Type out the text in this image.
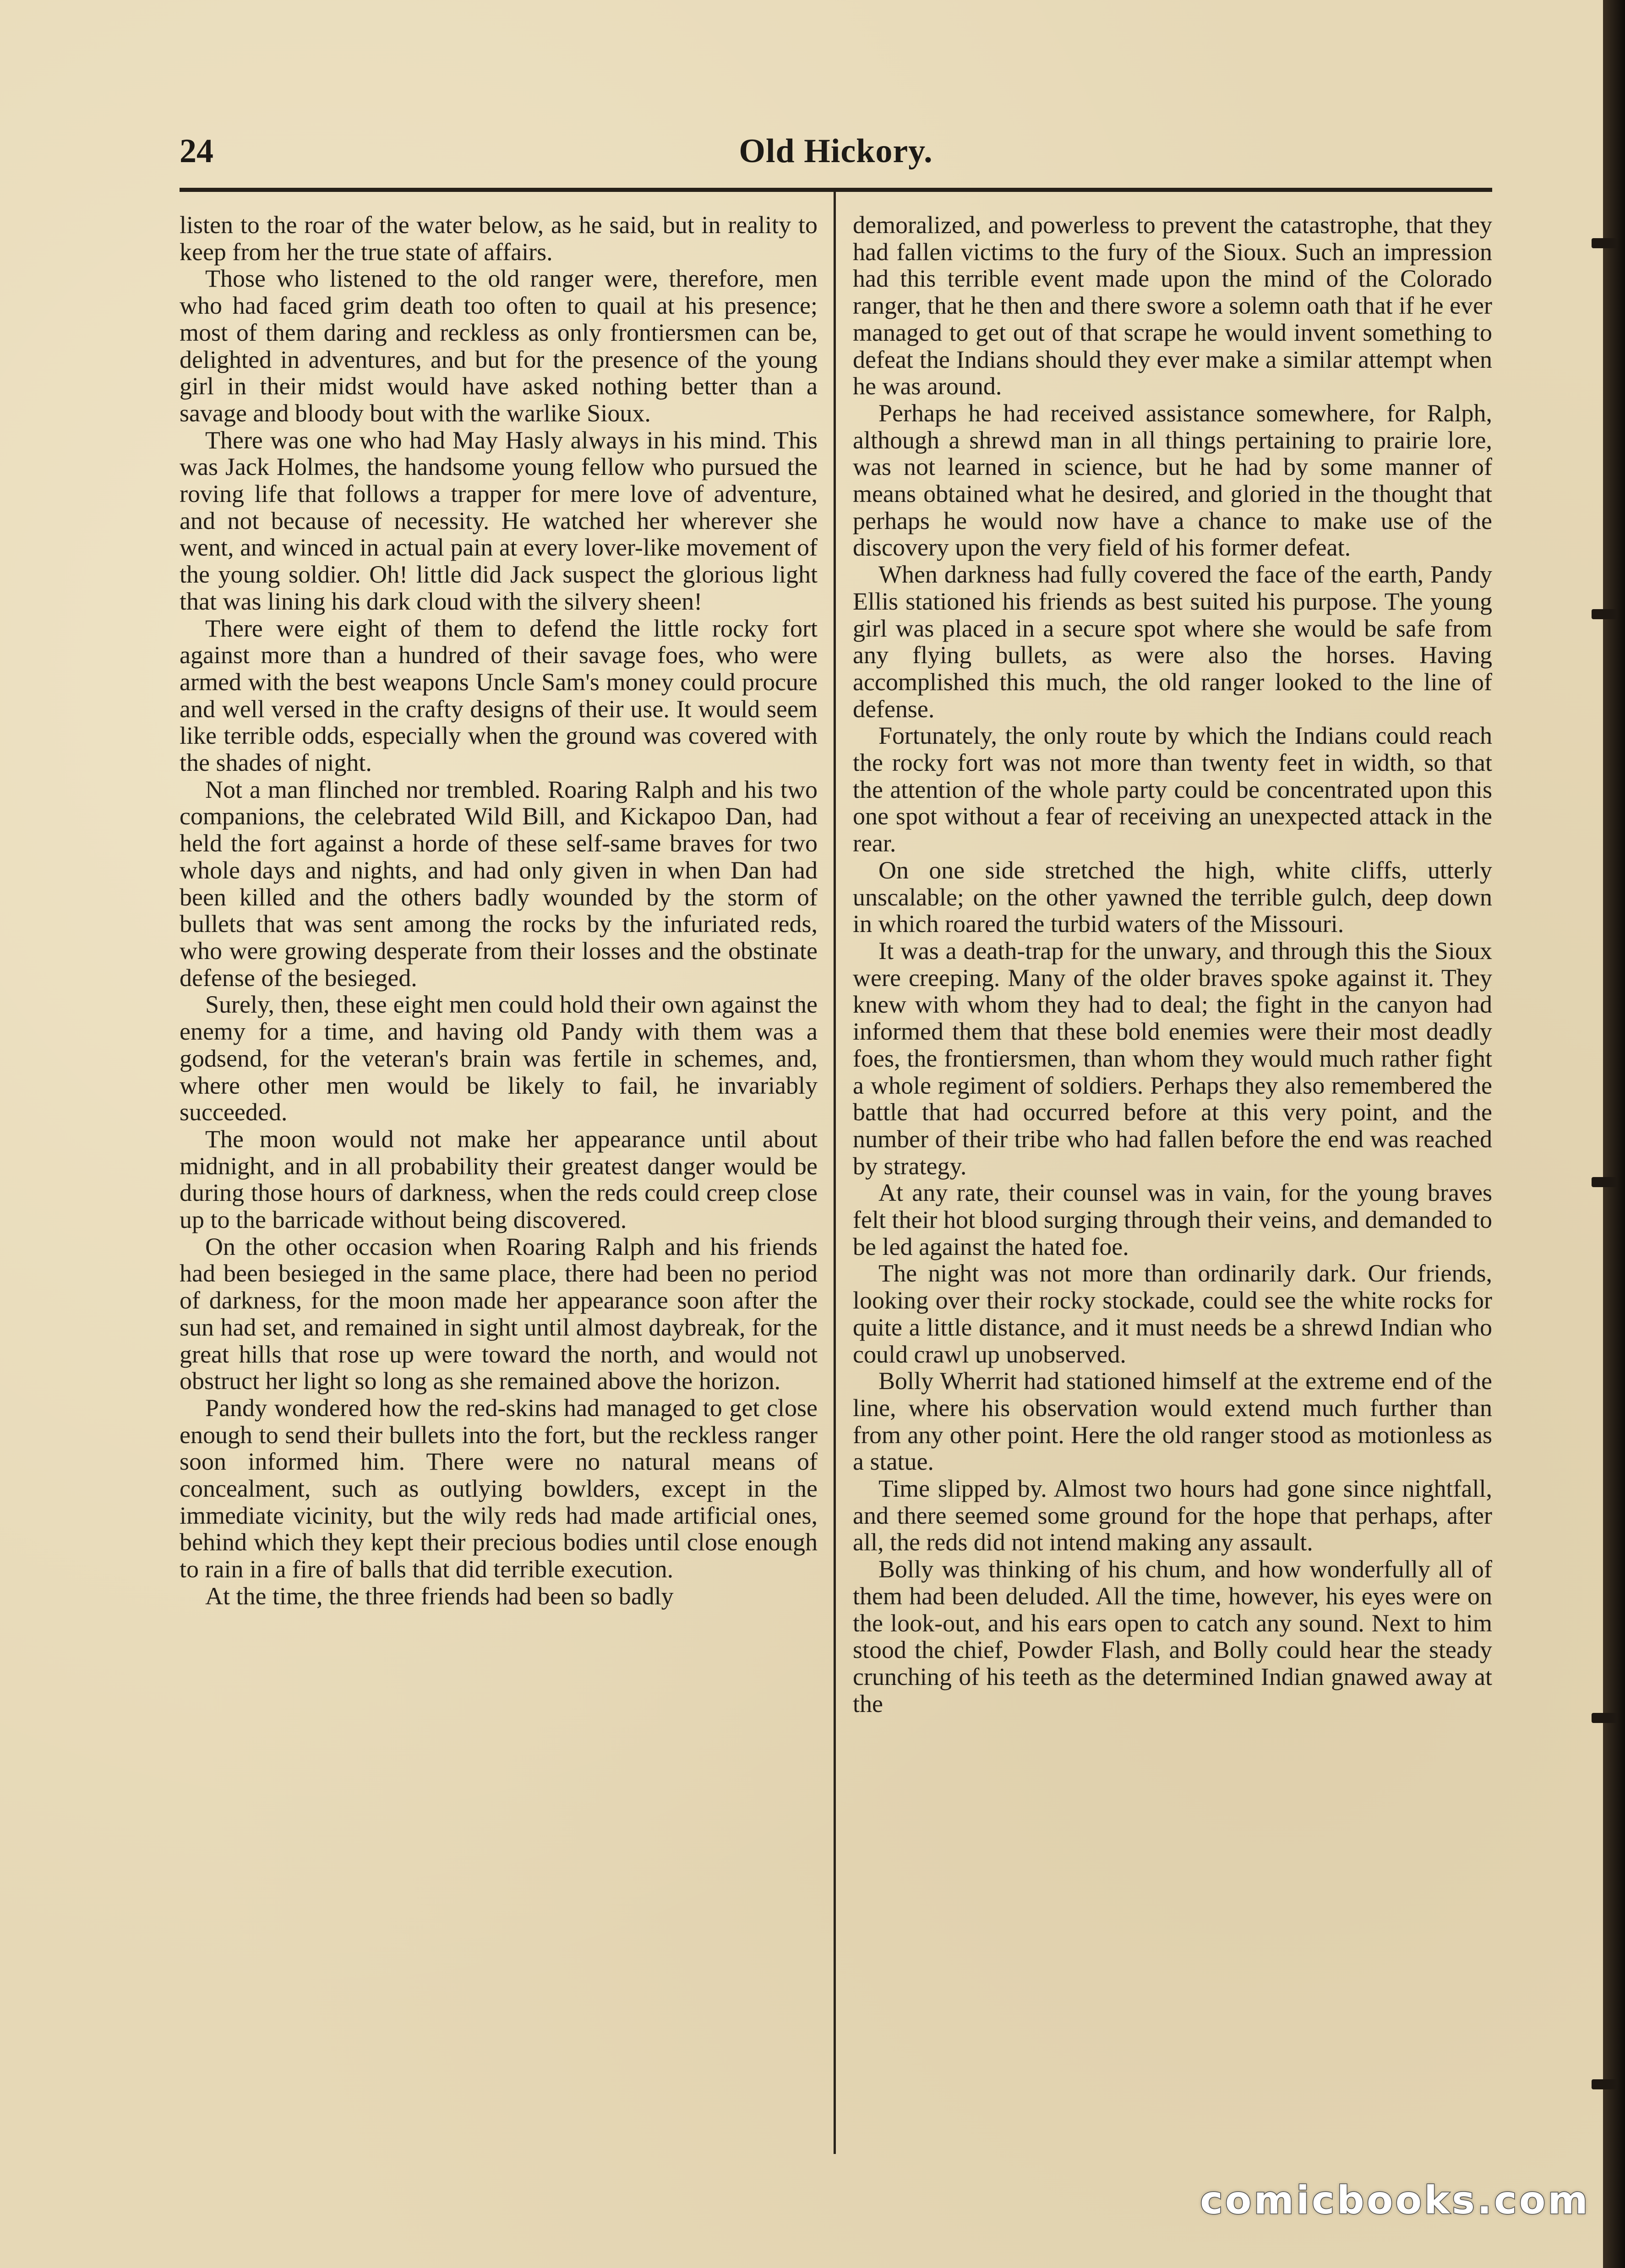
24	Old Hickory.

listen to the roar of the water below, as he said, but in reality to keep from her the true state of affairs.

Those who listened to the old ranger were, therefore, men who had faced grim death too often to quail at his presence; most of them daring and reckless as only frontiersmen can be, delighted in adventures, and but for the presence of the young girl in their midst would have asked nothing better than a savage and bloody bout with the warlike Sioux.

There was one who had May Hasly always in his mind. This was Jack Holmes, the handsome young fellow who pursued the roving life that follows a trapper for mere love of adventure, and not because of necessity. He watched her wherever she went, and winced in actual pain at every lover-like movement of the young soldier. Oh! little did Jack suspect the glorious light that was lining his dark cloud with the silvery sheen!

There were eight of them to defend the little rocky fort against more than a hundred of their savage foes, who were armed with the best weapons Uncle Sam's money could procure and well versed in the crafty designs of their use. It would seem like terrible odds, especially when the ground was covered with the shades of night.

Not a man flinched nor trembled. Roaring Ralph and his two companions, the celebrated Wild Bill, and Kickapoo Dan, had held the fort against a horde of these self-same braves for two whole days and nights, and had only given in when Dan had been killed and the others badly wounded by the storm of bullets that was sent among the rocks by the infuriated reds, who were growing desperate from their losses and the obstinate defense of the besieged.

Surely, then, these eight men could hold their own against the enemy for a time, and having old Pandy with them was a godsend, for the veteran's brain was fertile in schemes, and, where other men would be likely to fail, he invariably succeeded.

The moon would not make her appearance until about midnight, and in all probability their greatest danger would be during those hours of darkness, when the reds could creep close up to the barricade without being discovered.

On the other occasion when Roaring Ralph and his friends had been besieged in the same place, there had been no period of darkness, for the moon made her appearance soon after the sun had set, and remained in sight until almost daybreak, for the great hills that rose up were toward the north, and would not obstruct her light so long as she remained above the horizon.

Pandy wondered how the red-skins had managed to get close enough to send their bullets into the fort, but the reckless ranger soon informed him. There were no natural means of concealment, such as outlying bowlders, except in the immediate vicinity, but the wily reds had made artificial ones, behind which they kept their precious bodies until close enough to rain in a fire of balls that did terrible execution.

At the time, the three friends had been so badly

demoralized, and powerless to prevent the catastrophe, that they had fallen victims to the fury of the Sioux. Such an impression had this terrible event made upon the mind of the Colorado ranger, that he then and there swore a solemn oath that if he ever managed to get out of that scrape he would invent something to defeat the Indians should they ever make a similar attempt when he was around.

Perhaps he had received assistance somewhere, for Ralph, although a shrewd man in all things pertaining to prairie lore, was not learned in science, but he had by some manner of means obtained what he desired, and gloried in the thought that perhaps he would now have a chance to make use of the discovery upon the very field of his former defeat.

When darkness had fully covered the face of the earth, Pandy Ellis stationed his friends as best suited his purpose. The young girl was placed in a secure spot where she would be safe from any flying bullets, as were also the horses. Having accomplished this much, the old ranger looked to the line of defense.

Fortunately, the only route by which the Indians could reach the rocky fort was not more than twenty feet in width, so that the attention of the whole party could be concentrated upon this one spot without a fear of receiving an unexpected attack in the rear.

On one side stretched the high, white cliffs, utterly unscalable; on the other yawned the terrible gulch, deep down in which roared the turbid waters of the Missouri.

It was a death-trap for the unwary, and through this the Sioux were creeping. Many of the older braves spoke against it. They knew with whom they had to deal; the fight in the canyon had informed them that these bold enemies were their most deadly foes, the frontiersmen, than whom they would much rather fight a whole regiment of soldiers. Perhaps they also remembered the battle that had occurred before at this very point, and the number of their tribe who had fallen before the end was reached by strategy.

At any rate, their counsel was in vain, for the young braves felt their hot blood surging through their veins, and demanded to be led against the hated foe.

The night was not more than ordinarily dark. Our friends, looking over their rocky stockade, could see the white rocks for quite a little distance, and it must needs be a shrewd Indian who could crawl up unobserved.

Bolly Wherrit had stationed himself at the extreme end of the line, where his observation would extend much further than from any other point. Here the old ranger stood as motionless as a statue.

Time slipped by. Almost two hours had gone since nightfall, and there seemed some ground for the hope that perhaps, after all, the reds did not intend making any assault.

Bolly was thinking of his chum, and how wonderfully all of them had been deluded. All the time, however, his eyes were on the look-out, and his ears open to catch any sound. Next to him stood the chief, Powder Flash, and Bolly could hear the steady crunching of his teeth as the determined Indian gnawed away at the

comicbooks.com
